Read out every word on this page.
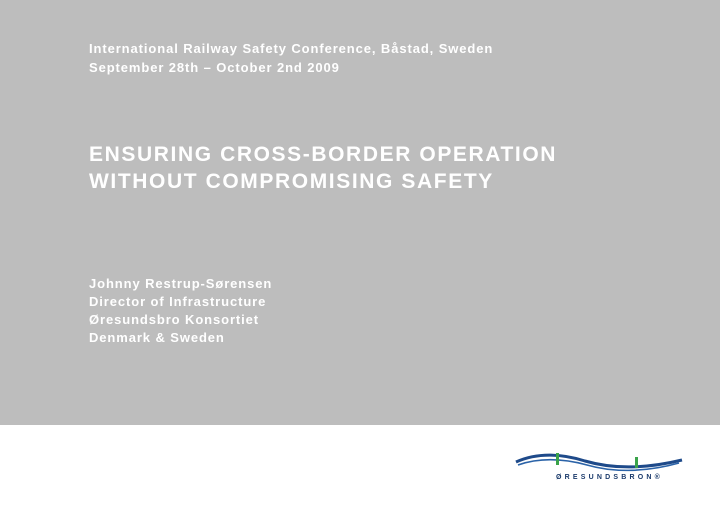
International Railway Safety Conference, Båstad, Sweden
September 28th – October 2nd 2009
ENSURING CROSS-BORDER OPERATION
WITHOUT COMPROMISING SAFETY
Johnny Restrup-Sørensen
Director of Infrastructure
Øresundsbro Konsortiet
Denmark & Sweden
ØRESUNDSBRON®
